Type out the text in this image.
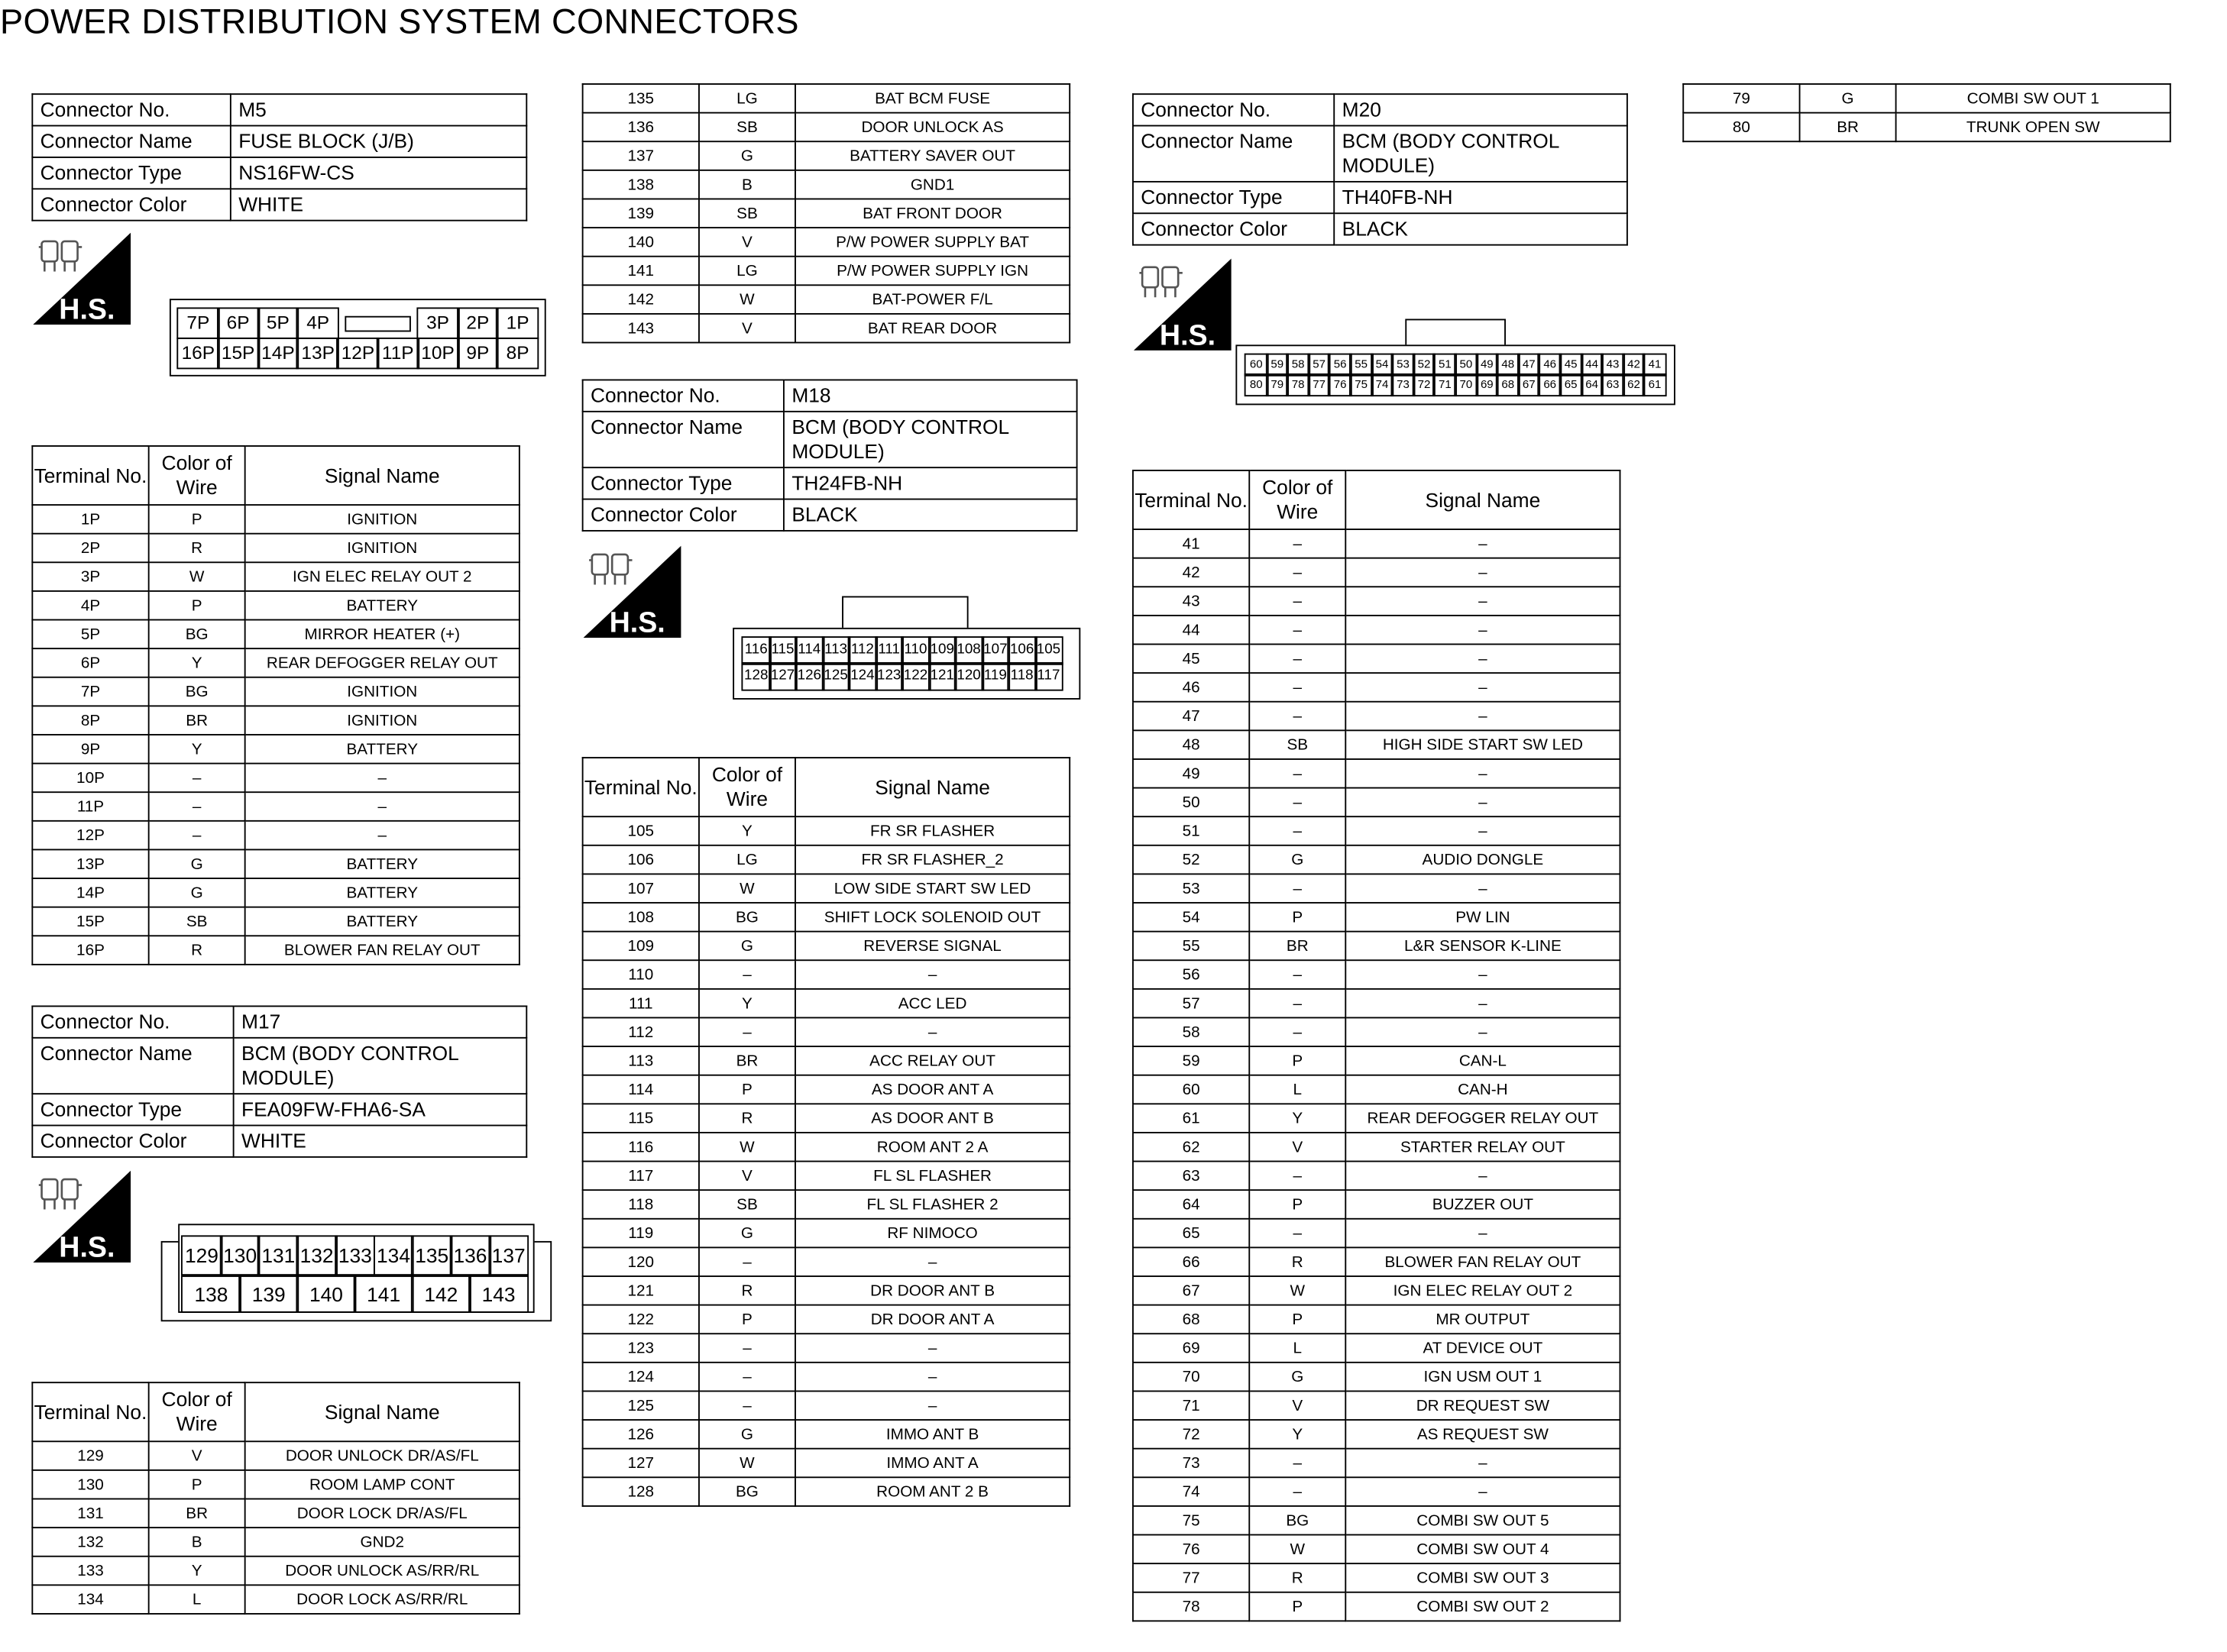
POWER DISTRIBUTION SYSTEM CONNECTORS
Connector No.	M5
Connector Name	FUSE BLOCK (J/B)
Connector Type	NS16FW-CS
Connector Color	WHITE
H.S.	7P	6P	5P	4P	3P	2P	1P
16P 15P 14P 13P 12P 11P 10P	9P	8P
Terminal No.	Color of Wire	Signal Name
1P	P	IGNITION
2P	R	IGNITION
3P	W	IGN ELEC RELAY OUT 2
4P	P	BATTERY
5P	BG	MIRROR HEATER (+)
6P	Y	REAR DEFOGGER RELAY OUT
7P	BG	IGNITION
8P	BR	IGNITION
9P	Y	BATTERY
10P	–	–
11P	–	–
12P	–	–
13P	G	BATTERY
14P	G	BATTERY
15P	SB	BATTERY
16P	R	BLOWER FAN RELAY OUT
Connector No.	M17
Connector Name	BCM (BODY CONTROL MODULE)
Connector Type	FEA09FW-FHA6-SA
Connector Color	WHITE
H.S.	129 130 131 132 133 134 135 136 137
138	139	140	141	142	143
Terminal No.	Color of Wire	Signal Name
129	V	DOOR UNLOCK DR/AS/FL
130	P	ROOM LAMP CONT
131	BR	DOOR LOCK DR/AS/FL
132	B	GND2
133	Y	DOOR UNLOCK AS/RR/RL
134	L	DOOR LOCK AS/RR/RL
135	LG	BAT BCM FUSE
136	SB	DOOR UNLOCK AS
137	G	BATTERY SAVER OUT
138	B	GND1
139	SB	BAT FRONT DOOR
140	V	P/W POWER SUPPLY BAT
141	LG	P/W POWER SUPPLY IGN
142	W	BAT-POWER F/L
143	V	BAT REAR DOOR
Connector No.	M18
Connector Name	BCM (BODY CONTROL MODULE)
Connector Type	TH24FB-NH
Connector Color	BLACK
H.S.
116 115 114 113 112 111 110 109 108 107 106 105
128 127 126 125 124 123 122 121 120 119 118 117
Terminal No.	Color of Wire	Signal Name
105	Y	FR SR FLASHER
106	LG	FR SR FLASHER_2
107	W	LOW SIDE START SW LED
108	BG	SHIFT LOCK SOLENOID OUT
109	G	REVERSE SIGNAL
110	–	–
111	Y	ACC LED
112	–	–
113	BR	ACC RELAY OUT
114	P	AS DOOR ANT A
115	R	AS DOOR ANT B
116	W	ROOM ANT 2 A
117	V	FL SL FLASHER
118	SB	FL SL FLASHER 2
119	G	RF NIMOCO
120	–	–
121	R	DR DOOR ANT B
122	P	DR DOOR ANT A
123	–	–
124	–	–
125	–	–
126	G	IMMO ANT B
127	W	IMMO ANT A
128	BG	ROOM ANT 2 B
Connector No.	M20
Connector Name	BCM (BODY CONTROL MODULE)
Connector Type	TH40FB-NH
Connector Color	BLACK
H.S.
60	59	58	57	56	55	54	53	52	51	50	49	48	47	46	45	44	43	42	41
80	79	78	77	76	75	74	73	72	71	70	69	68	67	66	65	64	63	62	61
Terminal No.	Color of Wire	Signal Name
41	–	–
42	–	–
43	–	–
44	–	–
45	–	–
46	–	–
47	–	–
48	SB	HIGH SIDE START SW LED
49	–	–
50	–	–
51	–	–
52	G	AUDIO DONGLE
53	–	–
54	P	PW LIN
55	BR	L&R SENSOR K-LINE
56	–	–
57	–	–
58	–	–
59	P	CAN-L
60	L	CAN-H
61	Y	REAR DEFOGGER RELAY OUT
62	V	STARTER RELAY OUT
63	–	–
64	P	BUZZER OUT
65	–	–
66	R	BLOWER FAN RELAY OUT
67	W	IGN ELEC RELAY OUT 2
68	P	MR OUTPUT
69	L	AT DEVICE OUT
70	G	IGN USM OUT 1
71	V	DR REQUEST SW
72	Y	AS REQUEST SW
73	–	–
74	–	–
75	BG	COMBI SW OUT 5
76	W	COMBI SW OUT 4
77	R	COMBI SW OUT 3
78	P	COMBI SW OUT 2
79	G	COMBI SW OUT 1
80	BR	TRUNK OPEN SW
